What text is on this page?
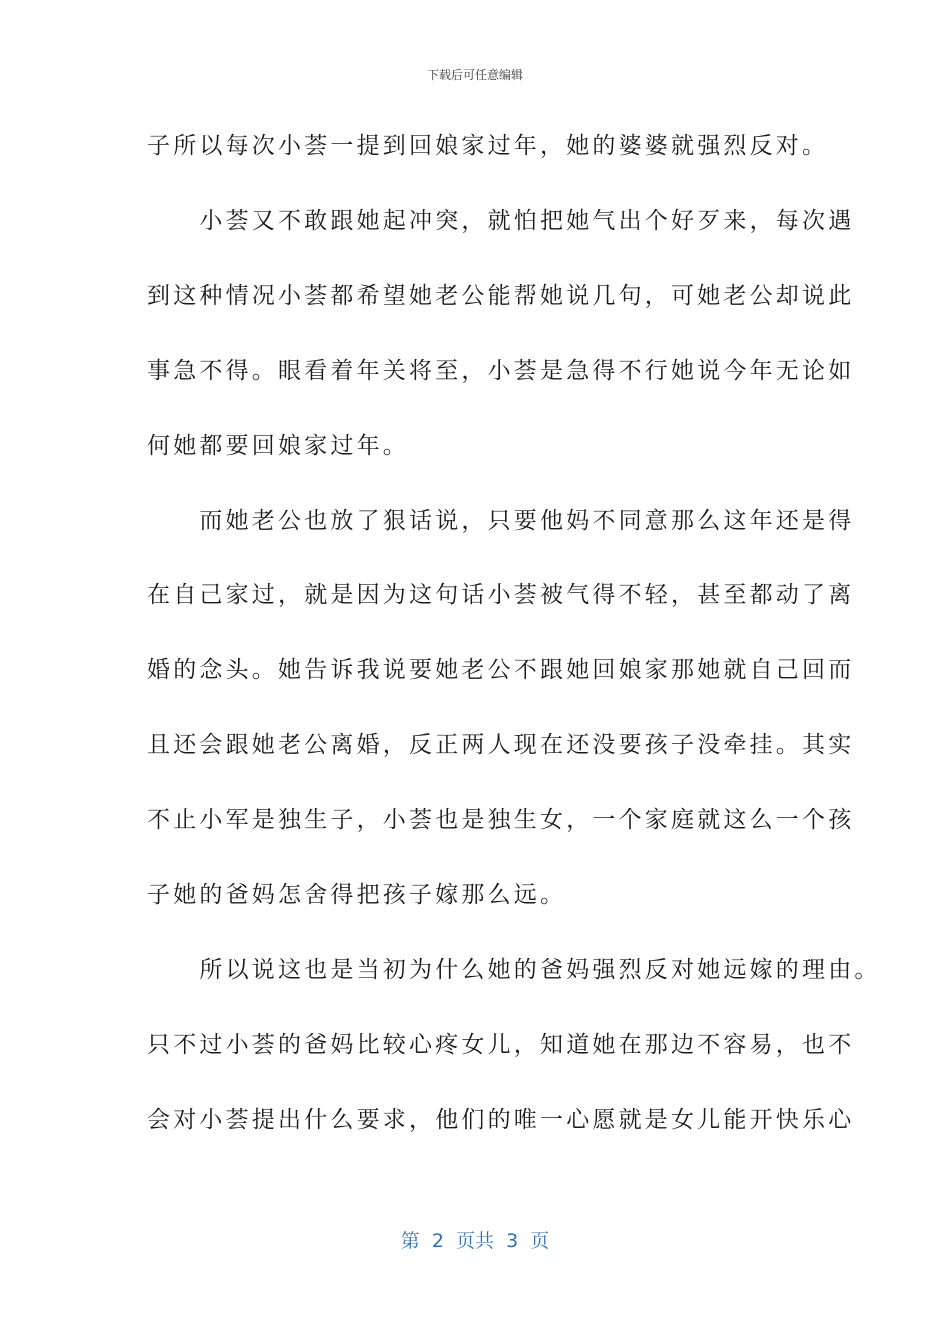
下载后可任意编辑
子所以每次小荟一提到回娘家过年，她的婆婆就强烈反对。
　　小荟又不敢跟她起冲突，就怕把她气出个好歹来，每次遇
到这种情况小荟都希望她老公能帮她说几句，可她老公却说此
事急不得。眼看着年关将至，小荟是急得不行她说今年无论如
何她都要回娘家过年。
　　而她老公也放了狠话说，只要他妈不同意那么这年还是得
在自己家过，就是因为这句话小荟被气得不轻，甚至都动了离
婚的念头。她告诉我说要她老公不跟她回娘家那她就自己回而
且还会跟她老公离婚，反正两人现在还没要孩子没牵挂。其实
不止小军是独生子，小荟也是独生女，一个家庭就这么一个孩
子她的爸妈怎舍得把孩子嫁那么远。
　　所以说这也是当初为什么她的爸妈强烈反对她远嫁的理由。
只不过小荟的爸妈比较心疼女儿，知道她在那边不容易，也不
会对小荟提出什么要求，他们的唯一心愿就是女儿能开快乐心
第  2  页共  3  页
